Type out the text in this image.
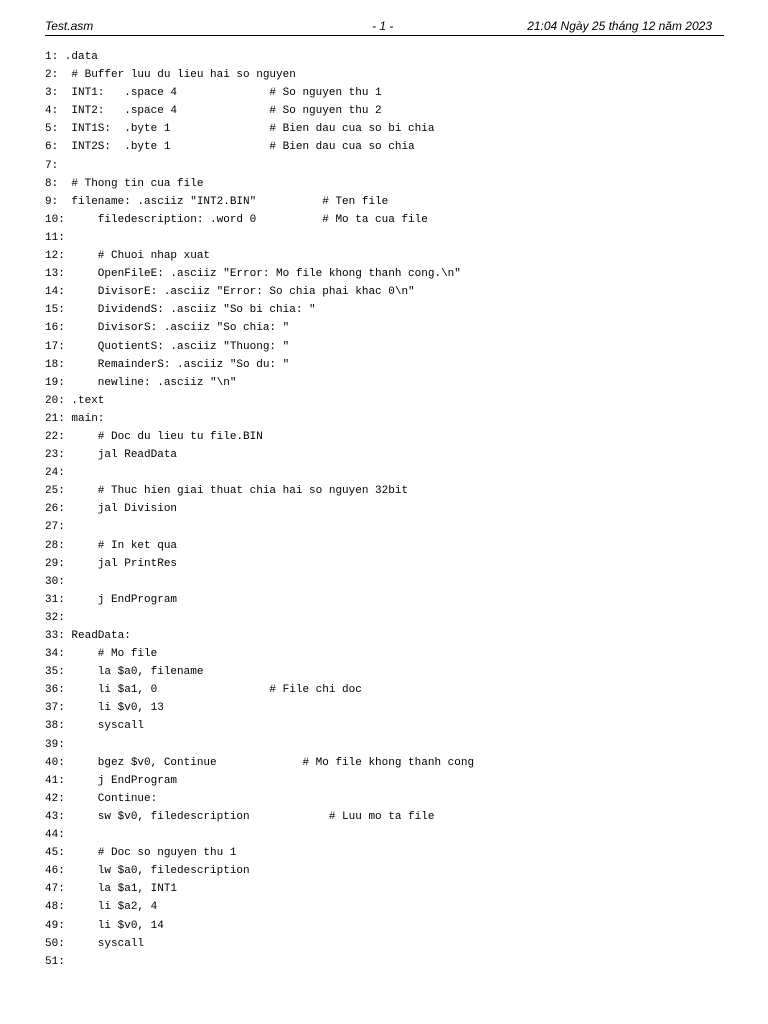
Test.asm	- 1 -	21:04 Ngày 25 tháng 12 năm 2023
1: .data
2:  # Buffer luu du lieu hai so nguyen
3:  INT1:   .space 4              # So nguyen thu 1
4:  INT2:   .space 4              # So nguyen thu 2
5:  INT1S:  .byte 1               # Bien dau cua so bi chia
6:  INT2S:  .byte 1               # Bien dau cua so chia
7:
8:  # Thong tin cua file
9:  filename: .asciiz "INT2.BIN"          # Ten file
10:     filedescription: .word 0          # Mo ta cua file
11:
12:     # Chuoi nhap xuat
13:     OpenFileE: .asciiz "Error: Mo file khong thanh cong.\n"
14:     DivisorE: .asciiz "Error: So chia phai khac 0\n"
15:     DividendS: .asciiz "So bi chia: "
16:     DivisorS: .asciiz "So chia: "
17:     QuotientS: .asciiz "Thuong: "
18:     RemainderS: .asciiz "So du: "
19:     newline: .asciiz "\n"
20: .text
21: main:
22:     # Doc du lieu tu file.BIN
23:     jal ReadData
24:
25:     # Thuc hien giai thuat chia hai so nguyen 32bit
26:     jal Division
27:
28:     # In ket qua
29:     jal PrintRes
30:
31:     j EndProgram
32:
33: ReadData:
34:     # Mo file
35:     la $a0, filename
36:     li $a1, 0                 # File chi doc
37:     li $v0, 13
38:     syscall
39:
40:     bgez $v0, Continue             # Mo file khong thanh cong
41:     j EndProgram
42:     Continue:
43:     sw $v0, filedescription            # Luu mo ta file
44:
45:     # Doc so nguyen thu 1
46:     lw $a0, filedescription
47:     la $a1, INT1
48:     li $a2, 4
49:     li $v0, 14
50:     syscall
51:
